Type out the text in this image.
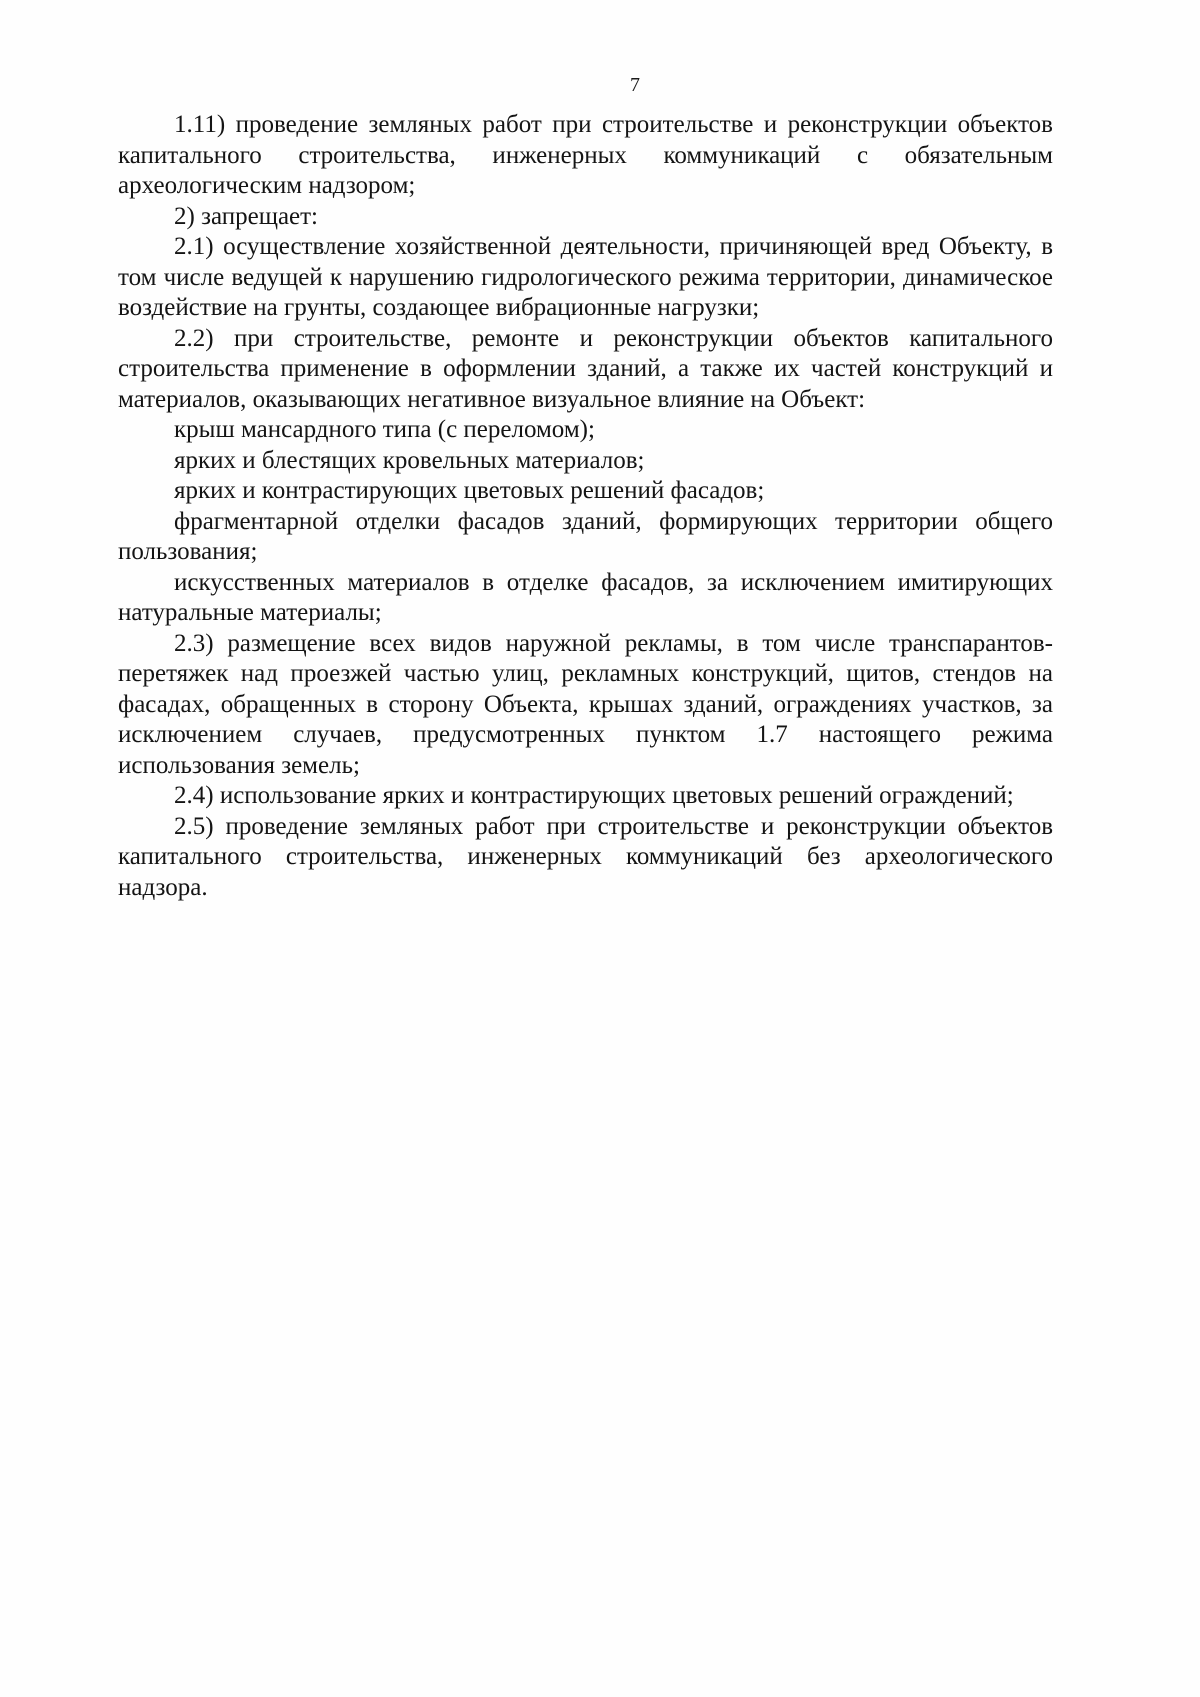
7

1.11) проведение земляных работ при строительстве и реконструкции объектов капитального строительства, инженерных коммуникаций с обязательным археологическим надзором;

2) запрещает:

2.1) осуществление хозяйственной деятельности, причиняющей вред Объекту, в том числе ведущей к нарушению гидрологического режима территории, динамическое воздействие на грунты, создающее вибрационные нагрузки;

2.2) при строительстве, ремонте и реконструкции объектов капитального строительства применение в оформлении зданий, а также их частей конструкций и материалов, оказывающих негативное визуальное влияние на Объект:

крыш мансардного типа (с переломом);

ярких и блестящих кровельных материалов;

ярких и контрастирующих цветовых решений фасадов;

фрагментарной отделки фасадов зданий, формирующих территории общего пользования;

искусственных материалов в отделке фасадов, за исключением имитирующих натуральные материалы;

2.3) размещение всех видов наружной рекламы, в том числе транспарантов-перетяжек над проезжей частью улиц, рекламных конструкций, щитов, стендов на фасадах, обращенных в сторону Объекта, крышах зданий, ограждениях участков, за исключением случаев, предусмотренных пунктом 1.7 настоящего режима использования земель;

2.4) использование ярких и контрастирующих цветовых решений ограждений;

2.5) проведение земляных работ при строительстве и реконструкции объектов капитального строительства, инженерных коммуникаций без археологического надзора.
